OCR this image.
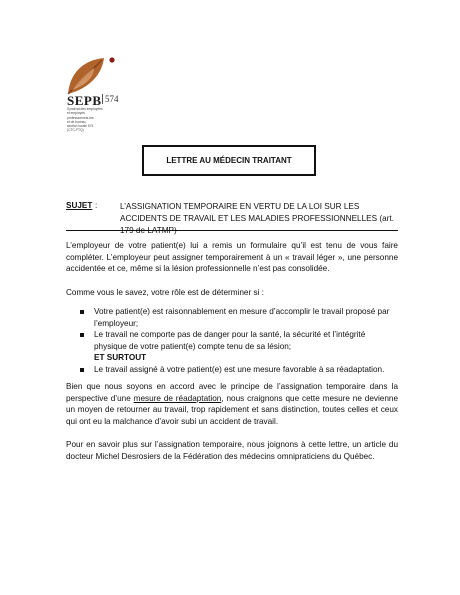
SEPB 574
Syndicat des employées
et employés
professionnels-les
et de bureau,
section locale 574
(CTC-FTQ)
LETTRE AU MÉDECIN TRAITANT
SUJET :	L’ASSIGNATION TEMPORAIRE EN VERTU DE LA LOI SUR LES ACCIDENTS DE TRAVAIL ET LES MALADIES PROFESSIONNELLES (art. 179 de LATMP)
L’employeur de votre patient(e) lui a remis un formulaire qu’il est tenu de vous faire compléter. L’employeur peut assigner temporairement à un « travail léger », une personne accidentée et ce, même si la lésion professionnelle n’est pas consolidée.
Comme vous le savez, votre rôle est de déterminer si :
Votre patient(e) est raisonnablement en mesure d’accomplir le travail proposé par l’employeur;
Le travail ne comporte pas de danger pour la santé, la sécurité et l’intégrité physique de votre patient(e) compte tenu de sa lésion;
ET SURTOUT
Le travail assigné à votre patient(e) est une mesure favorable à sa réadaptation.
Bien que nous soyons en accord avec le principe de l’assignation temporaire dans la perspective d’une mesure de réadaptation, nous craignons que cette mesure ne devienne un moyen de retourner au travail, trop rapidement et sans distinction, toutes celles et ceux qui ont eu la malchance d’avoir subi un accident de travail.
Pour en savoir plus sur l’assignation temporaire, nous joignons à cette lettre, un article du docteur Michel Desrosiers de la Fédération des médecins omnipraticiens du Québec.
